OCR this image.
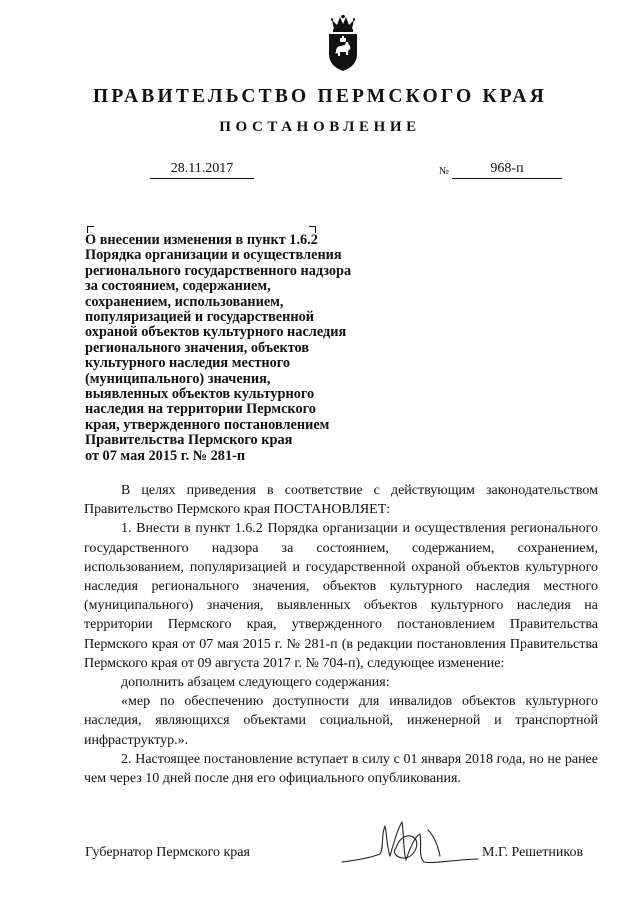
ПРАВИТЕЛЬСТВО ПЕРМСКОГО КРАЯ
ПОСТАНОВЛЕНИЕ
28.11.2017	№	968-п
О внесении изменения в пункт 1.6.2
Порядка организации и осуществления
регионального государственного надзора
за состоянием, содержанием,
сохранением, использованием,
популяризацией и государственной
охраной объектов культурного наследия
регионального значения, объектов
культурного наследия местного
(муниципального) значения,
выявленных объектов культурного
наследия на территории Пермского
края, утвержденного постановлением
Правительства Пермского края
от 07 мая 2015 г. № 281-п

В целях приведения в соответствие с действующим законодательством Правительство Пермского края ПОСТАНОВЛЯЕТ:

1. Внести в пункт 1.6.2 Порядка организации и осуществления регионального государственного надзора за состоянием, содержанием, сохранением, использованием, популяризацией и государственной охраной объектов культурного наследия регионального значения, объектов культурного наследия местного (муниципального) значения, выявленных объектов культурного наследия на территории Пермского края, утвержденного постановлением Правительства Пермского края от 07 мая 2015 г. № 281-п (в редакции постановления Правительства Пермского края от 09 августа 2017 г. № 704-п), следующее изменение:

дополнить абзацем следующего содержания:

«мер по обеспечению доступности для инвалидов объектов культурного наследия, являющихся объектами социальной, инженерной и транспортной инфраструктур.».

2. Настоящее постановление вступает в силу с 01 января 2018 года, но не ранее чем через 10 дней после дня его официального опубликования.

Губернатор Пермского края	М.Г. Решетников
